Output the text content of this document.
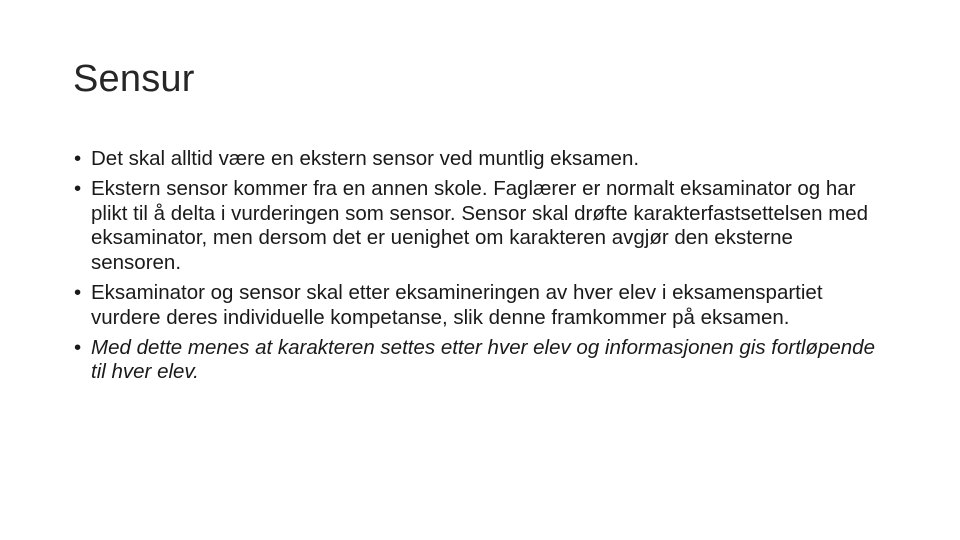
Sensur
• Det skal alltid være en ekstern sensor ved muntlig eksamen.
• Ekstern sensor kommer fra en annen skole. Faglærer er normalt eksaminator og har plikt til å delta i vurderingen som sensor. Sensor skal drøfte karakterfastsettelsen med eksaminator, men dersom det er uenighet om karakteren avgjør den eksterne sensoren.
• Eksaminator og sensor skal etter eksamineringen av hver elev i eksamenspartiet vurdere deres individuelle kompetanse, slik denne framkommer på eksamen.
• Med dette menes at karakteren settes etter hver elev og informasjonen gis fortløpende til hver elev.
